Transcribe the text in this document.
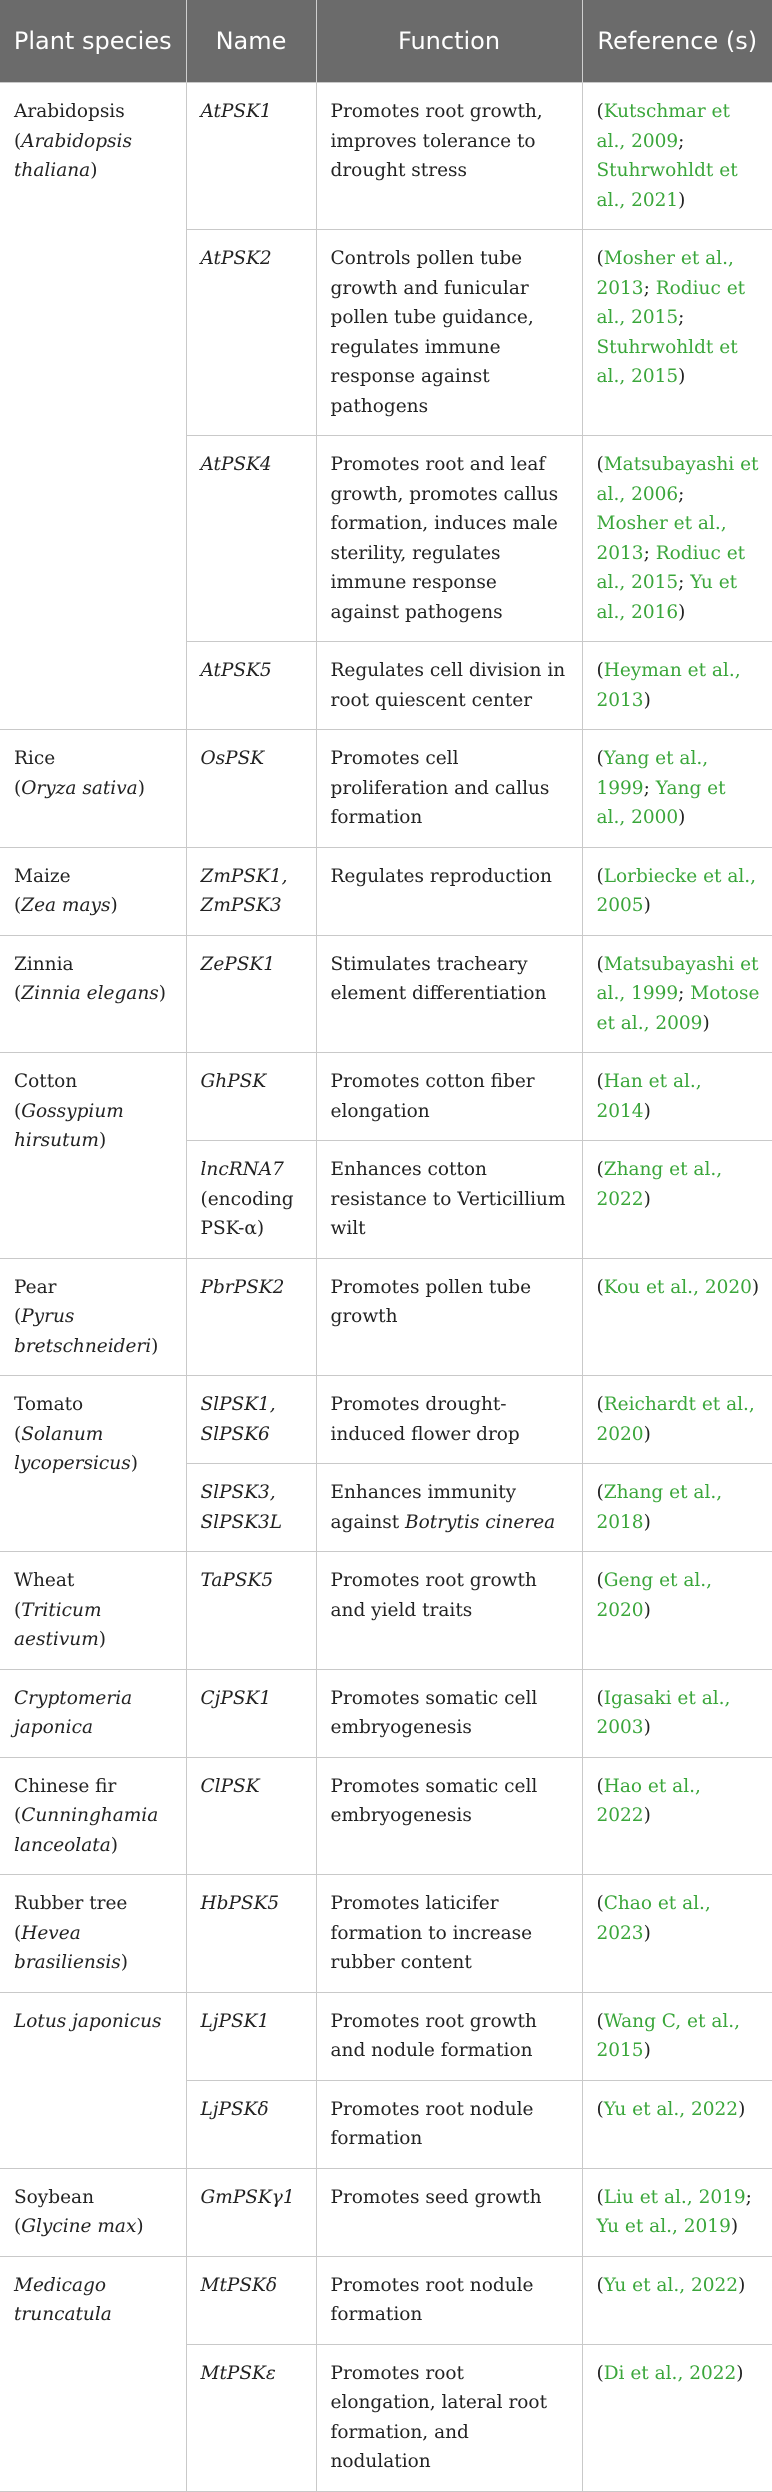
Plant species	Name	Function	Reference (s)

Arabidopsis
(Arabidopsis thaliana)	AtPSK1	Promotes root growth, improves tolerance to drought stress	(Kutschmar et al., 2009; Stuhrwohldt et al., 2021)
	AtPSK2	Controls pollen tube growth and funicular pollen tube guidance, regulates immune response against pathogens	(Mosher et al., 2013; Rodiuc et al., 2015; Stuhrwohldt et al., 2015)
	AtPSK4	Promotes root and leaf growth, promotes callus formation, induces male sterility, regulates immune response against pathogens	(Matsubayashi et al., 2006; Mosher et al., 2013; Rodiuc et al., 2015; Yu et al., 2016)
	AtPSK5	Regulates cell division in root quiescent center	(Heyman et al., 2013)

Rice
(Oryza sativa)	OsPSK	Promotes cell proliferation and callus formation	(Yang et al., 1999; Yang et al., 2000)

Maize
(Zea mays)	ZmPSK1, ZmPSK3	Regulates reproduction	(Lorbiecke et al., 2005)

Zinnia
(Zinnia elegans)	ZePSK1	Stimulates tracheary element differentiation	(Matsubayashi et al., 1999; Motose et al., 2009)

Cotton
(Gossypium hirsutum)	GhPSK	Promotes cotton fiber elongation	(Han et al., 2014)
	lncRNA7 (encoding PSK-α)	Enhances cotton resistance to Verticillium wilt	(Zhang et al., 2022)

Pear
(Pyrus bretschneideri)	PbrPSK2	Promotes pollen tube growth	(Kou et al., 2020)

Tomato
(Solanum lycopersicus)	SlPSK1, SlPSK6	Promotes drought-induced flower drop	(Reichardt et al., 2020)
	SlPSK3, SlPSK3L	Enhances immunity against Botrytis cinerea	(Zhang et al., 2018)

Wheat
(Triticum aestivum)	TaPSK5	Promotes root growth and yield traits	(Geng et al., 2020)

Cryptomeria japonica	CjPSK1	Promotes somatic cell embryogenesis	(Igasaki et al., 2003)

Chinese fir
(Cunninghamia lanceolata)	ClPSK	Promotes somatic cell embryogenesis	(Hao et al., 2022)

Rubber tree
(Hevea brasiliensis)	HbPSK5	Promotes laticifer formation to increase rubber content	(Chao et al., 2023)

Lotus japonicus	LjPSK1	Promotes root growth and nodule formation	(Wang C, et al., 2015)
	LjPSKδ	Promotes root nodule formation	(Yu et al., 2022)

Soybean
(Glycine max)	GmPSKγ1	Promotes seed growth	(Liu et al., 2019; Yu et al., 2019)

Medicago truncatula	MtPSKδ	Promotes root nodule formation	(Yu et al., 2022)
	MtPSKε	Promotes root elongation, lateral root formation, and nodulation	(Di et al., 2022)
